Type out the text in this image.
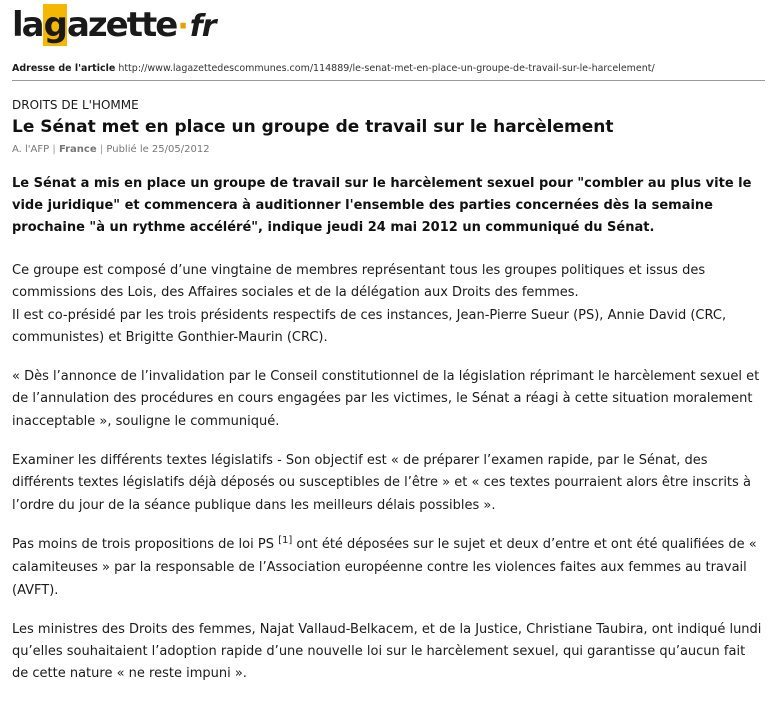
la g azette · fr
Adresse de l'article http://www.lagazettedescommunes.com/114889/le-senat-met-en-place-un-groupe-de-travail-sur-le-harcelement/
DROITS DE L'HOMME
Le Sénat met en place un groupe de travail sur le harcèlement
A. l'AFP | France | Publié le 25/05/2012

Le Sénat a mis en place un groupe de travail sur le harcèlement sexuel pour "combler au plus vite le vide juridique" et commencera à auditionner l'ensemble des parties concernées dès la semaine prochaine "à un rythme accéléré", indique jeudi 24 mai 2012 un communiqué du Sénat.

Ce groupe est composé d’une vingtaine de membres représentant tous les groupes politiques et issus des commissions des Lois, des Affaires sociales et de la délégation aux Droits des femmes.
Il est co-présidé par les trois présidents respectifs de ces instances, Jean-Pierre Sueur (PS), Annie David (CRC, communistes) et Brigitte Gonthier-Maurin (CRC).

« Dès l’annonce de l’invalidation par le Conseil constitutionnel de la législation réprimant le harcèlement sexuel et de l’annulation des procédures en cours engagées par les victimes, le Sénat a réagi à cette situation moralement inacceptable », souligne le communiqué.

Examiner les différents textes législatifs - Son objectif est « de préparer l’examen rapide, par le Sénat, des différents textes législatifs déjà déposés ou susceptibles de l’être » et « ces textes pourraient alors être inscrits à l’ordre du jour de la séance publique dans les meilleurs délais possibles ».

Pas moins de trois propositions de loi PS [1] ont été déposées sur le sujet et deux d’entre et ont été qualifiées de « calamiteuses » par la responsable de l’Association européenne contre les violences faites aux femmes au travail (AVFT).

Les ministres des Droits des femmes, Najat Vallaud-Belkacem, et de la Justice, Christiane Taubira, ont indiqué lundi qu’elles souhaitaient l’adoption rapide d’une nouvelle loi sur le harcèlement sexuel, qui garantisse qu’aucun fait de cette nature « ne reste impuni ».
